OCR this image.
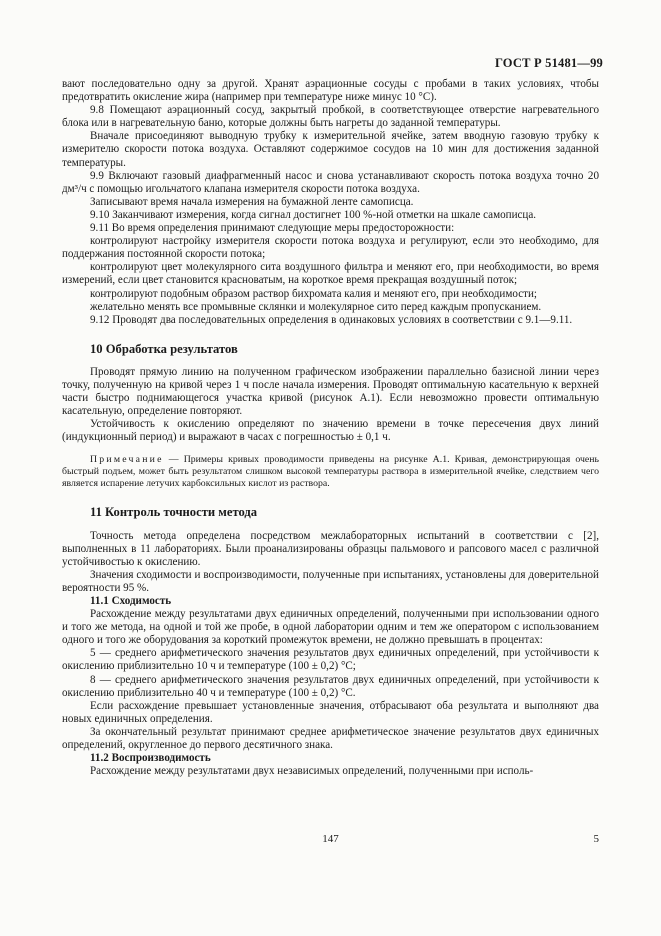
ГОСТ Р 51481—99

вают последовательно одну за другой. Хранят аэрационные сосуды с пробами в таких условиях, чтобы предотвратить окисление жира (например при температуре ниже минус 10 °С).

9.8 Помещают аэрационный сосуд, закрытый пробкой, в соответствующее отверстие нагревательного блока или в нагревательную баню, которые должны быть нагреты до заданной температуры.

Вначале присоединяют выводную трубку к измерительной ячейке, затем вводную газовую трубку к измерителю скорости потока воздуха. Оставляют содержимое сосудов на 10 мин для достижения заданной температуры.

9.9 Включают газовый диафрагменный насос и снова устанавливают скорость потока воздуха точно 20 дм³/ч с помощью игольчатого клапана измерителя скорости потока воздуха.

Записывают время начала измерения на бумажной ленте самописца.

9.10 Заканчивают измерения, когда сигнал достигнет 100 %-ной отметки на шкале самописца.

9.11 Во время определения принимают следующие меры предосторожности:

контролируют настройку измерителя скорости потока воздуха и регулируют, если это необходимо, для поддержания постоянной скорости потока;

контролируют цвет молекулярного сита воздушного фильтра и меняют его, при необходимости, во время измерений, если цвет становится красноватым, на короткое время прекращая воздушный поток;

контролируют подобным образом раствор бихромата калия и меняют его, при необходимости;

желательно менять все промывные склянки и молекулярное сито перед каждым пропусканием.

9.12 Проводят два последовательных определения в одинаковых условиях в соответствии с 9.1—9.11.

10 Обработка результатов

Проводят прямую линию на полученном графическом изображении параллельно базисной линии через точку, полученную на кривой через 1 ч после начала измерения. Проводят оптимальную касательную к верхней части быстро поднимающегося участка кривой (рисунок А.1). Если невозможно провести оптимальную касательную, определение повторяют.

Устойчивость к окислению определяют по значению времени в точке пересечения двух линий (индукционный период) и выражают в часах с погрешностью ± 0,1 ч.

Примечание — Примеры кривых проводимости приведены на рисунке А.1. Кривая, демонстрирующая очень быстрый подъем, может быть результатом слишком высокой температуры раствора в измерительной ячейке, следствием чего является испарение летучих карбоксильных кислот из раствора.

11 Контроль точности метода

Точность метода определена посредством межлабораторных испытаний в соответствии с [2], выполненных в 11 лабораториях. Были проанализированы образцы пальмового и рапсового масел с различной устойчивостью к окислению.

Значения сходимости и воспроизводимости, полученные при испытаниях, установлены для доверительной вероятности 95 %.

11.1 Сходимость

Расхождение между результатами двух единичных определений, полученными при использовании одного и того же метода, на одной и той же пробе, в одной лаборатории одним и тем же оператором с использованием одного и того же оборудования за короткий промежуток времени, не должно превышать в процентах:

5 — среднего арифметического значения результатов двух единичных определений, при устойчивости к окислению приблизительно 10 ч и температуре (100 ± 0,2) °С;

8 — среднего арифметического значения результатов двух единичных определений, при устойчивости к окислению приблизительно 40 ч и температуре (100 ± 0,2) °С.

Если расхождение превышает установленные значения, отбрасывают оба результата и выполняют два новых единичных определения.

За окончательный результат принимают среднее арифметическое значение результатов двух единичных определений, округленное до первого десятичного знака.

11.2 Воспроизводимость

Расхождение между результатами двух независимых определений, полученными при исполь-

147	5
